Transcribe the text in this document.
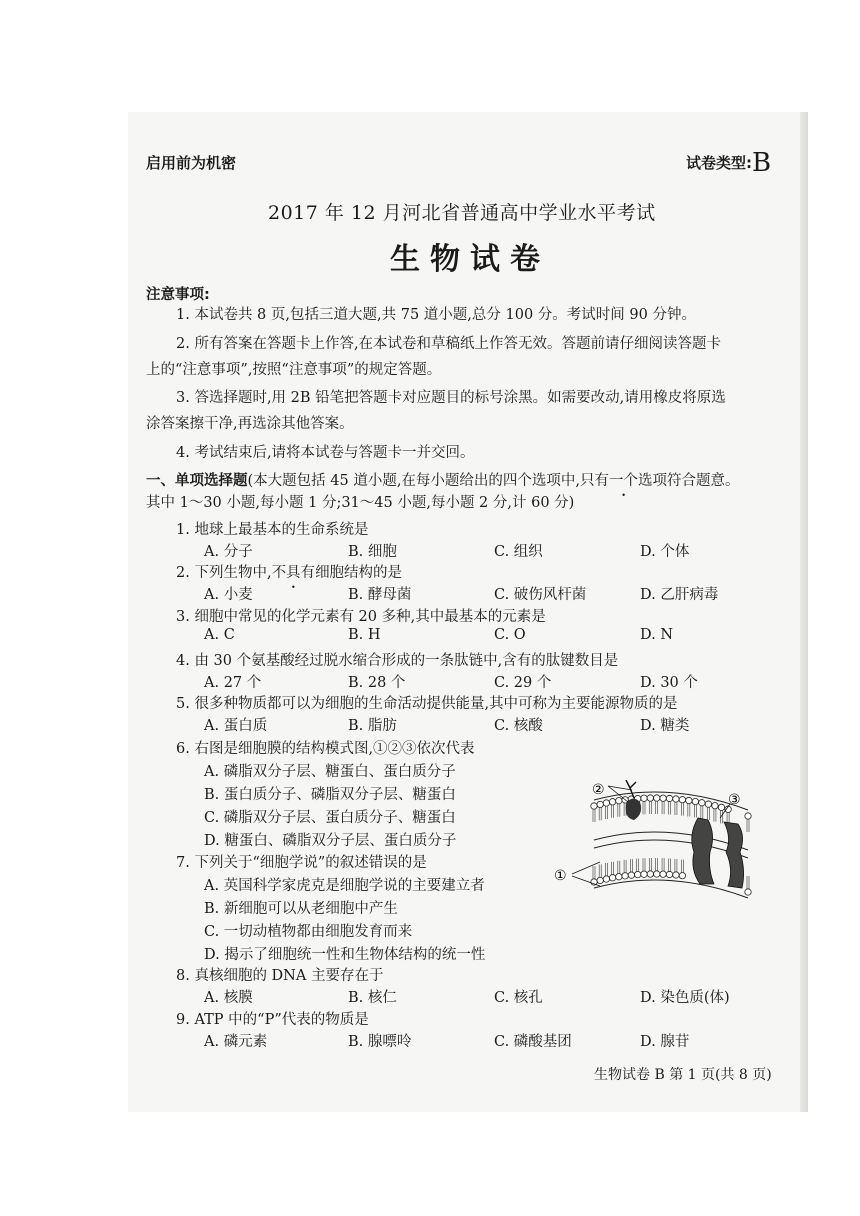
启用前为机密	试卷类型:B
2017 年 12 月河北省普通高中学业水平考试
生物试卷
注意事项:
1. 本试卷共 8 页,包括三道大题,共 75 道小题,总分 100 分。考试时间 90 分钟。
2. 所有答案在答题卡上作答,在本试卷和草稿纸上作答无效。答题前请仔细阅读答题卡
上的“注意事项”,按照“注意事项”的规定答题。
3. 答选择题时,用 2B 铅笔把答题卡对应题目的标号涂黑。如需要改动,请用橡皮将原选
涂答案擦干净,再选涂其他答案。
4. 考试结束后,请将本试卷与答题卡一并交回。
一、单项选择题(本大题包括 45 道小题,在每小题给出的四个选项中,只有一个选项符合题意。
其中 1～30 小题,每小题 1 分;31～45 小题,每小题 2 分,计 60 分)
1. 地球上最基本的生命系统是
A. 分子	B. 细胞	C. 组织	D. 个体
2. 下列生物中,不具有细胞结构的是
A. 小麦	B. 酵母菌	C. 破伤风杆菌	D. 乙肝病毒
3. 细胞中常见的化学元素有 20 多种,其中最基本的元素是
A. C	B. H	C. O	D. N
4. 由 30 个氨基酸经过脱水缩合形成的一条肽链中,含有的肽键数目是
A. 27 个	B. 28 个	C. 29 个	D. 30 个
5. 很多种物质都可以为细胞的生命活动提供能量,其中可称为主要能源物质的是
A. 蛋白质	B. 脂肪	C. 核酸	D. 糖类
6. 右图是细胞膜的结构模式图,①②③依次代表
A. 磷脂双分子层、糖蛋白、蛋白质分子
B. 蛋白质分子、磷脂双分子层、糖蛋白
C. 磷脂双分子层、蛋白质分子、糖蛋白
D. 糖蛋白、磷脂双分子层、蛋白质分子
7. 下列关于“细胞学说”的叙述错误的是
A. 英国科学家虎克是细胞学说的主要建立者
B. 新细胞可以从老细胞中产生
C. 一切动植物都由细胞发育而来
D. 揭示了细胞统一性和生物体结构的统一性
8. 真核细胞的 DNA 主要存在于
A. 核膜	B. 核仁	C. 核孔	D. 染色质(体)
9. ATP 中的“P”代表的物质是
A. 磷元素	B. 腺嘌呤	C. 磷酸基团	D. 腺苷
生物试卷 B 第 1 页(共 8 页)
①
②
③
